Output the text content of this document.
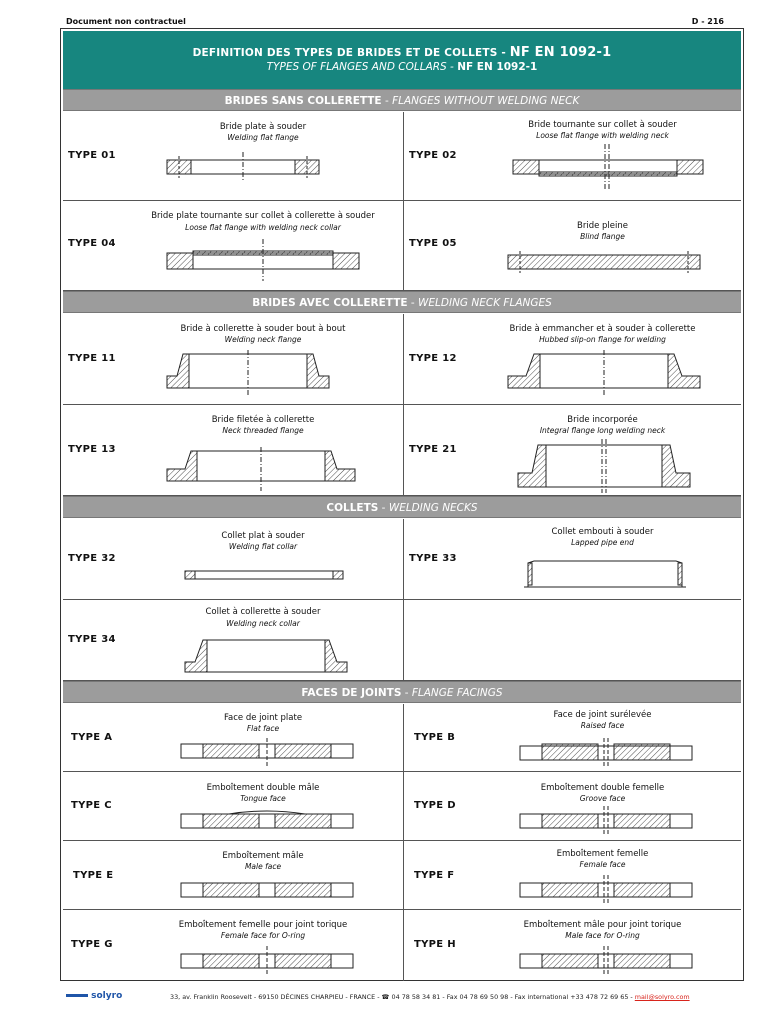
Document non contractuel	D - 216
DEFINITION DES TYPES DE BRIDES ET DE COLLETS - NF EN 1092-1
TYPES OF FLANGES AND COLLARS - NF EN 1092-1
BRIDES SANS COLLERETTE - FLANGES WITHOUT WELDING NECK
TYPE 01
Bride plate à souder
Welding flat flange
TYPE 02
Bride tournante sur collet à souder
Loose flat flange with welding neck
TYPE 04
Bride plate tournante sur collet à collerette à souder
Loose flat flange with welding neck collar
TYPE 05
Bride pleine
Blind flange
BRIDES AVEC COLLERETTE - WELDING NECK FLANGES
TYPE 11
Bride à collerette à souder bout à bout
Welding neck flange
TYPE 12
Bride à emmancher et à souder à collerette
Hubbed slip-on flange for welding
TYPE 13
Bride filetée à collerette
Neck threaded flange
TYPE 21
Bride incorporée
Integral flange long welding neck
COLLETS - WELDING NECKS
TYPE 32
Collet plat à souder
Welding flat collar
TYPE 33
Collet embouti à souder
Lapped pipe end
TYPE 34
Collet à collerette à souder
Welding neck collar
FACES DE JOINTS - FLANGE FACINGS
TYPE A
Face de joint plate
Flat face
TYPE B
Face de joint surélevée
Raised face
TYPE C
Emboîtement double mâle
Tongue face
TYPE D
Emboîtement double femelle
Groove face
TYPE E
Emboîtement mâle
Male face
TYPE F
Emboîtement femelle
Female face
TYPE G
Emboîtement femelle pour joint torique
Female face for O-ring
TYPE H
Emboîtement mâle pour joint torique
Male face for O-ring
solyro	33, av. Franklin Roosevelt - 69150 DÉCINES CHARPIEU - FRANCE - ☎ 04 78 58 34 81 - Fax 04 78 69 50 98 - Fax international +33 478 72 69 65 - mail@solyro.com
